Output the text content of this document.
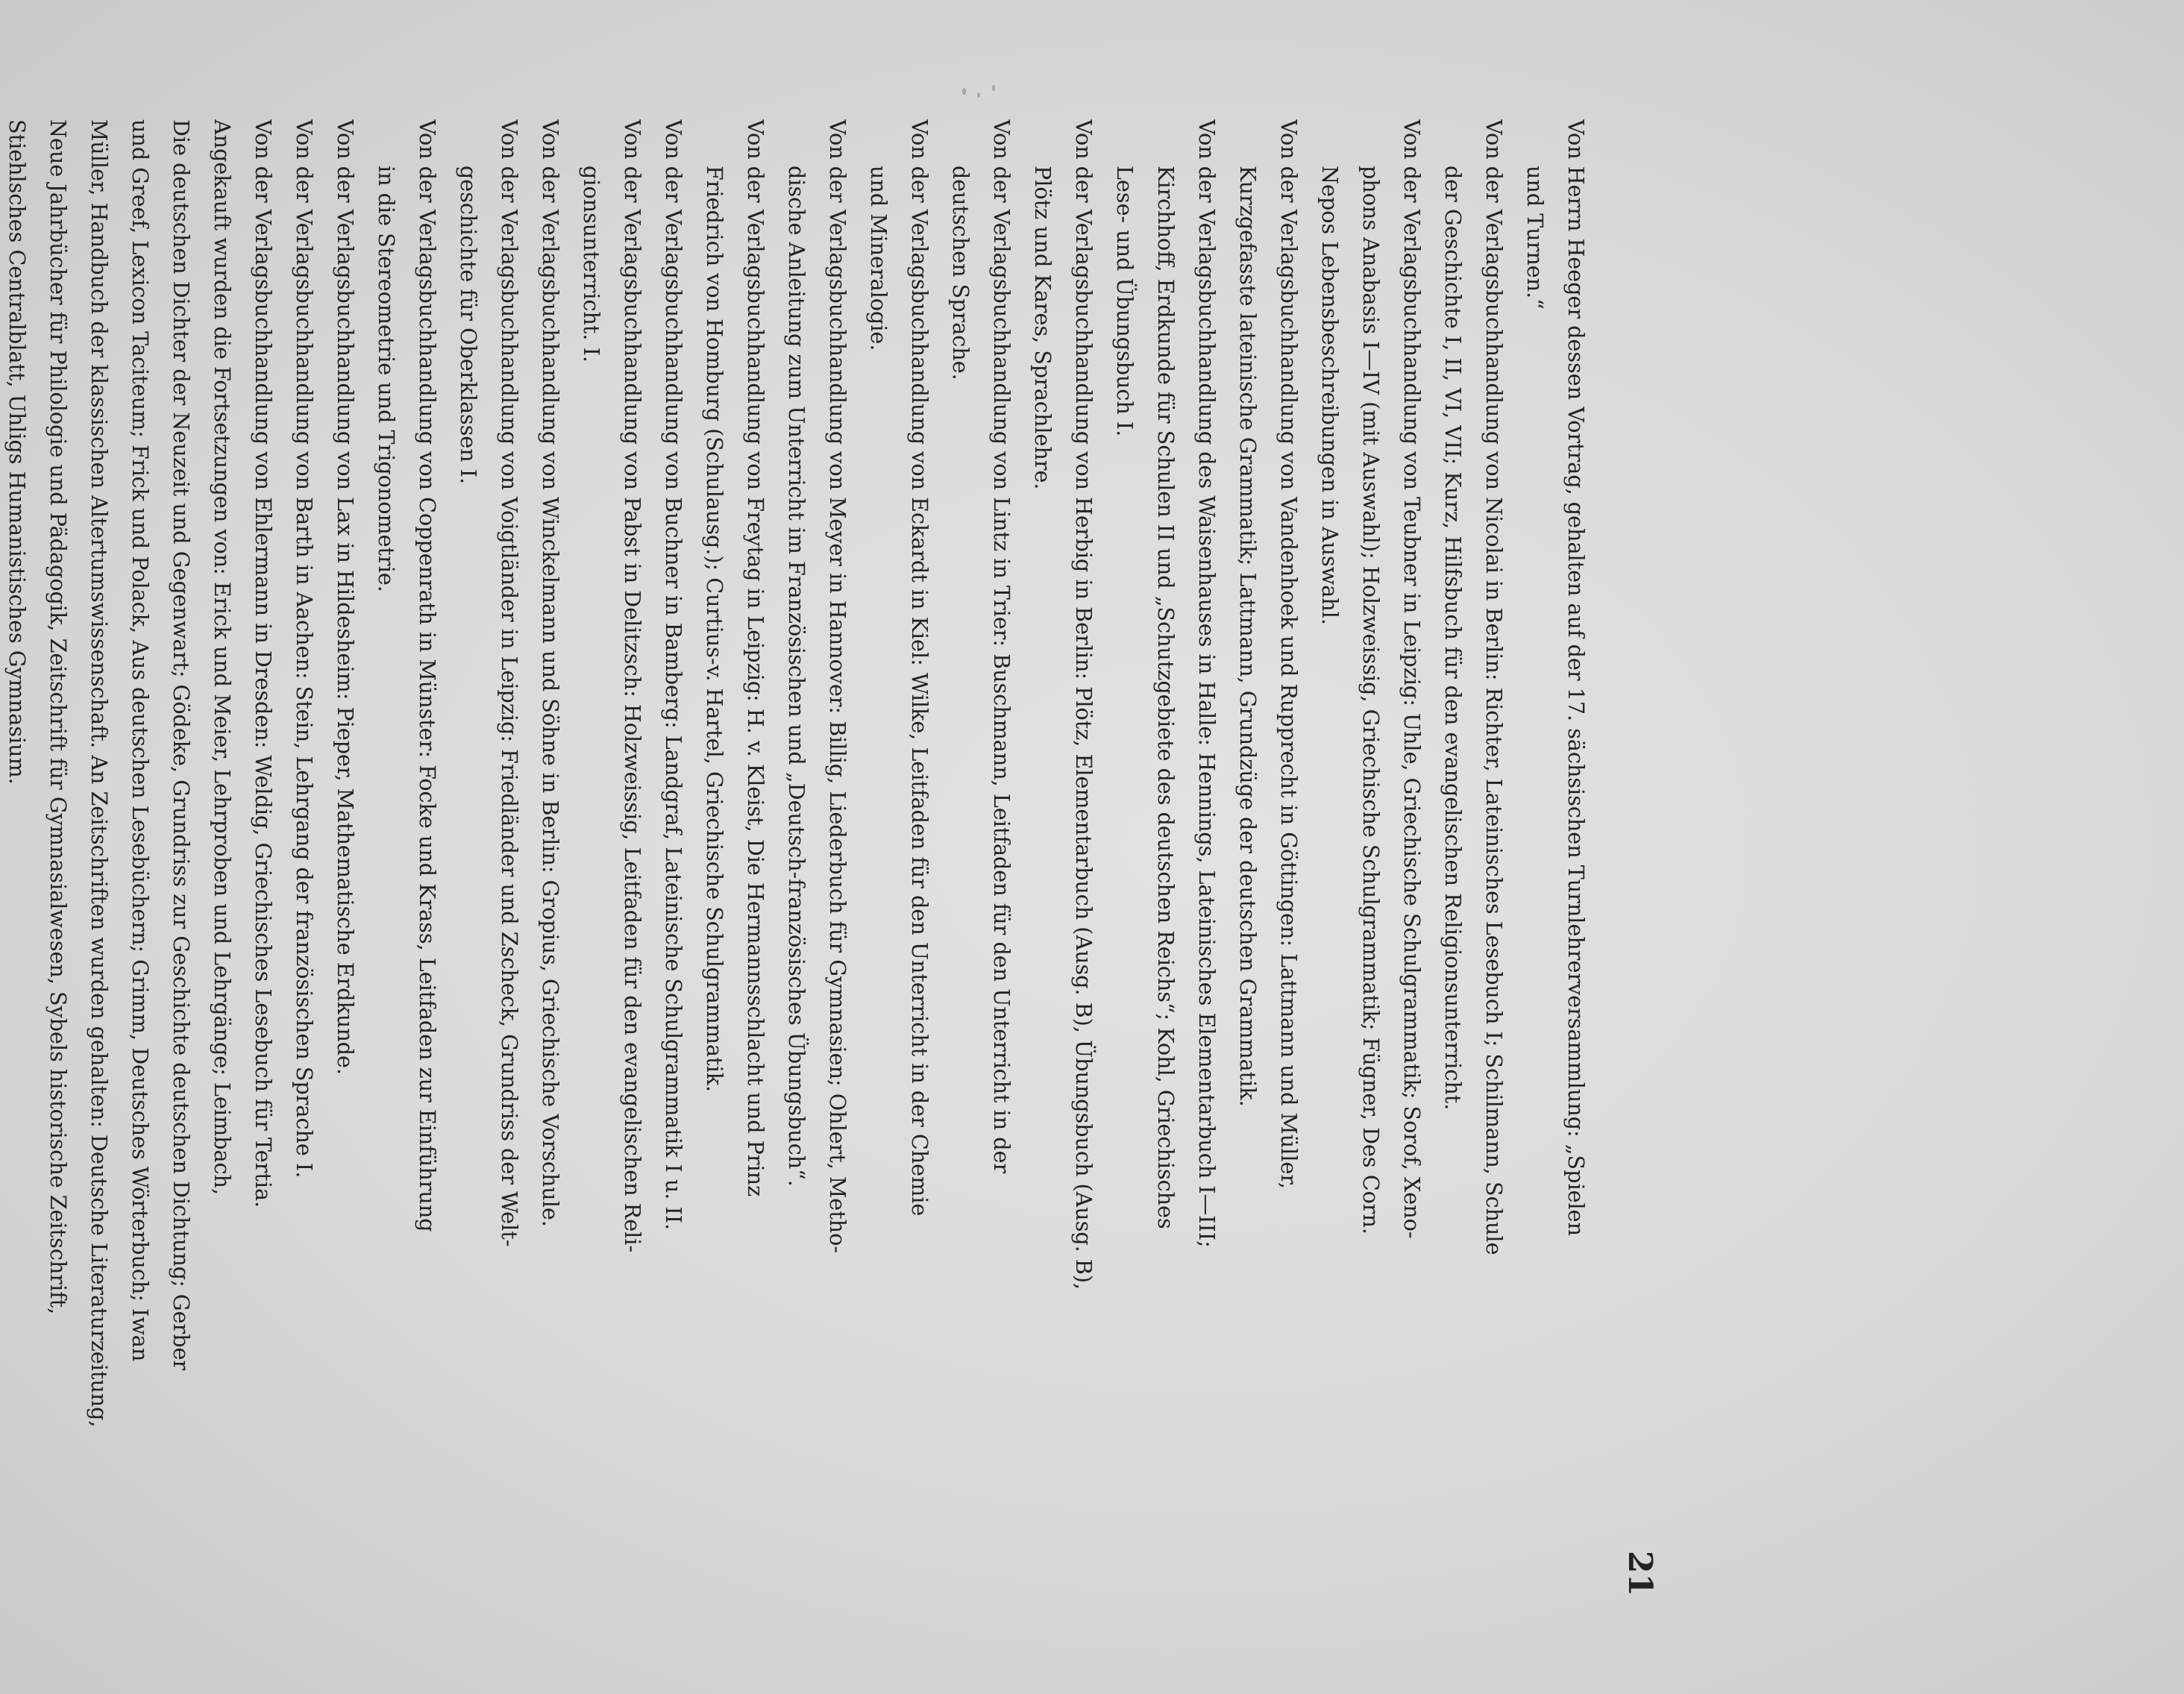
21
Von Herrn Heeger dessen Vortrag, gehalten auf der 17. sächsischen Turnlehrerversammlung: „Spielen
und Turnen.“
Von der Verlagsbuchhandlung von Nicolai in Berlin: Richter, Lateinisches Lesebuch I; Schilmann, Schule
der Geschichte I, II, VI, VII; Kurz, Hilfsbuch für den evangelischen Religionsunterricht.
Von der Verlagsbuchhandlung von Teubner in Leipzig: Uhle, Griechische Schulgrammatik; Sorof, Xeno-
phons Anabasis I—IV (mit Auswahl); Holzweissig, Griechische Schulgrammatik; Fügner, Des Corn.
Nepos Lebensbeschreibungen in Auswahl.
Von der Verlagsbuchhandlung von Vandenhoek und Rupprecht in Göttingen: Lattmann und Müller,
Kurzgefasste lateinische Grammatik; Lattmann, Grundzüge der deutschen Grammatik.
Von der Verlagsbuchhandlung des Waisenhauses in Halle: Hennings, Lateinisches Elementarbuch I—III;
Kirchhoff, Erdkunde für Schulen II und „Schutzgebiete des deutschen Reichs“; Kohl, Griechisches
Lese- und Übungsbuch I.
Von der Verlagsbuchhandlung von Herbig in Berlin: Plötz, Elementarbuch (Ausg. B), Übungsbuch (Ausg. B),
Plötz und Kares, Sprachlehre.
Von der Verlagsbuchhandlung von Lintz in Trier: Buschmann, Leitfaden für den Unterricht in der
deutschen Sprache.
Von der Verlagsbuchhandlung von Eckardt in Kiel: Wilke, Leitfaden für den Unterricht in der Chemie
und Mineralogie.
Von der Verlagsbuchhandlung von Meyer in Hannover: Billig, Liederbuch für Gymnasien; Ohlert, Metho-
dische Anleitung zum Unterricht im Französischen und „Deutsch-französisches Übungsbuch“.
Von der Verlagsbuchhandlung von Freytag in Leipzig: H. v. Kleist, Die Hermannsschlacht und Prinz
Friedrich von Homburg (Schulausg.); Curtius-v. Hartel, Griechische Schulgrammatik.
Von der Verlagsbuchhandlung von Buchner in Bamberg: Landgraf, Lateinische Schulgrammatik I u. II.
Von der Verlagsbuchhandlung von Pabst in Delitzsch: Holzweissig, Leitfaden für den evangelischen Reli-
gionsunterricht. I.
Von der Verlagsbuchhandlung von Winckelmann und Söhne in Berlin: Gropius, Griechische Vorschule.
Von der Verlagsbuchhandlung von Voigtländer in Leipzig: Friedländer und Zscheck, Grundriss der Welt-
geschichte für Oberklassen I.
Von der Verlagsbuchhandlung von Coppenrath in Münster: Focke und Krass, Leitfaden zur Einführung
in die Stereometrie und Trigonometrie.
Von der Verlagsbuchhandlung von Lax in Hildesheim: Pieper, Mathematische Erdkunde.
Von der Verlagsbuchhandlung von Barth in Aachen: Stein, Lehrgang der französischen Sprache I.
Von der Verlagsbuchhandlung von Ehlermann in Dresden: Weldig, Griechisches Lesebuch für Tertia.
Angekauft wurden die Fortsetzungen von: Erick und Meier, Lehrproben und Lehrgänge; Leimbach,
Die deutschen Dichter der Neuzeit und Gegenwart; Gödeke, Grundriss zur Geschichte deutschen Dichtung; Gerber
und Greef, Lexicon Taciteum; Frick und Polack, Aus deutschen Lesebüchern; Grimm, Deutsches Wörterbuch; Iwan
Müller, Handbuch der klassischen Altertumswissenschaft. An Zeitschriften wurden gehalten: Deutsche Literaturzeitung,
Neue Jahrbücher für Philologie und Pädagogik, Zeitschrift für Gymnasialwesen, Sybels historische Zeitschrift,
Stiehlsches Centralblatt, Uhligs Humanistisches Gymnasium.
